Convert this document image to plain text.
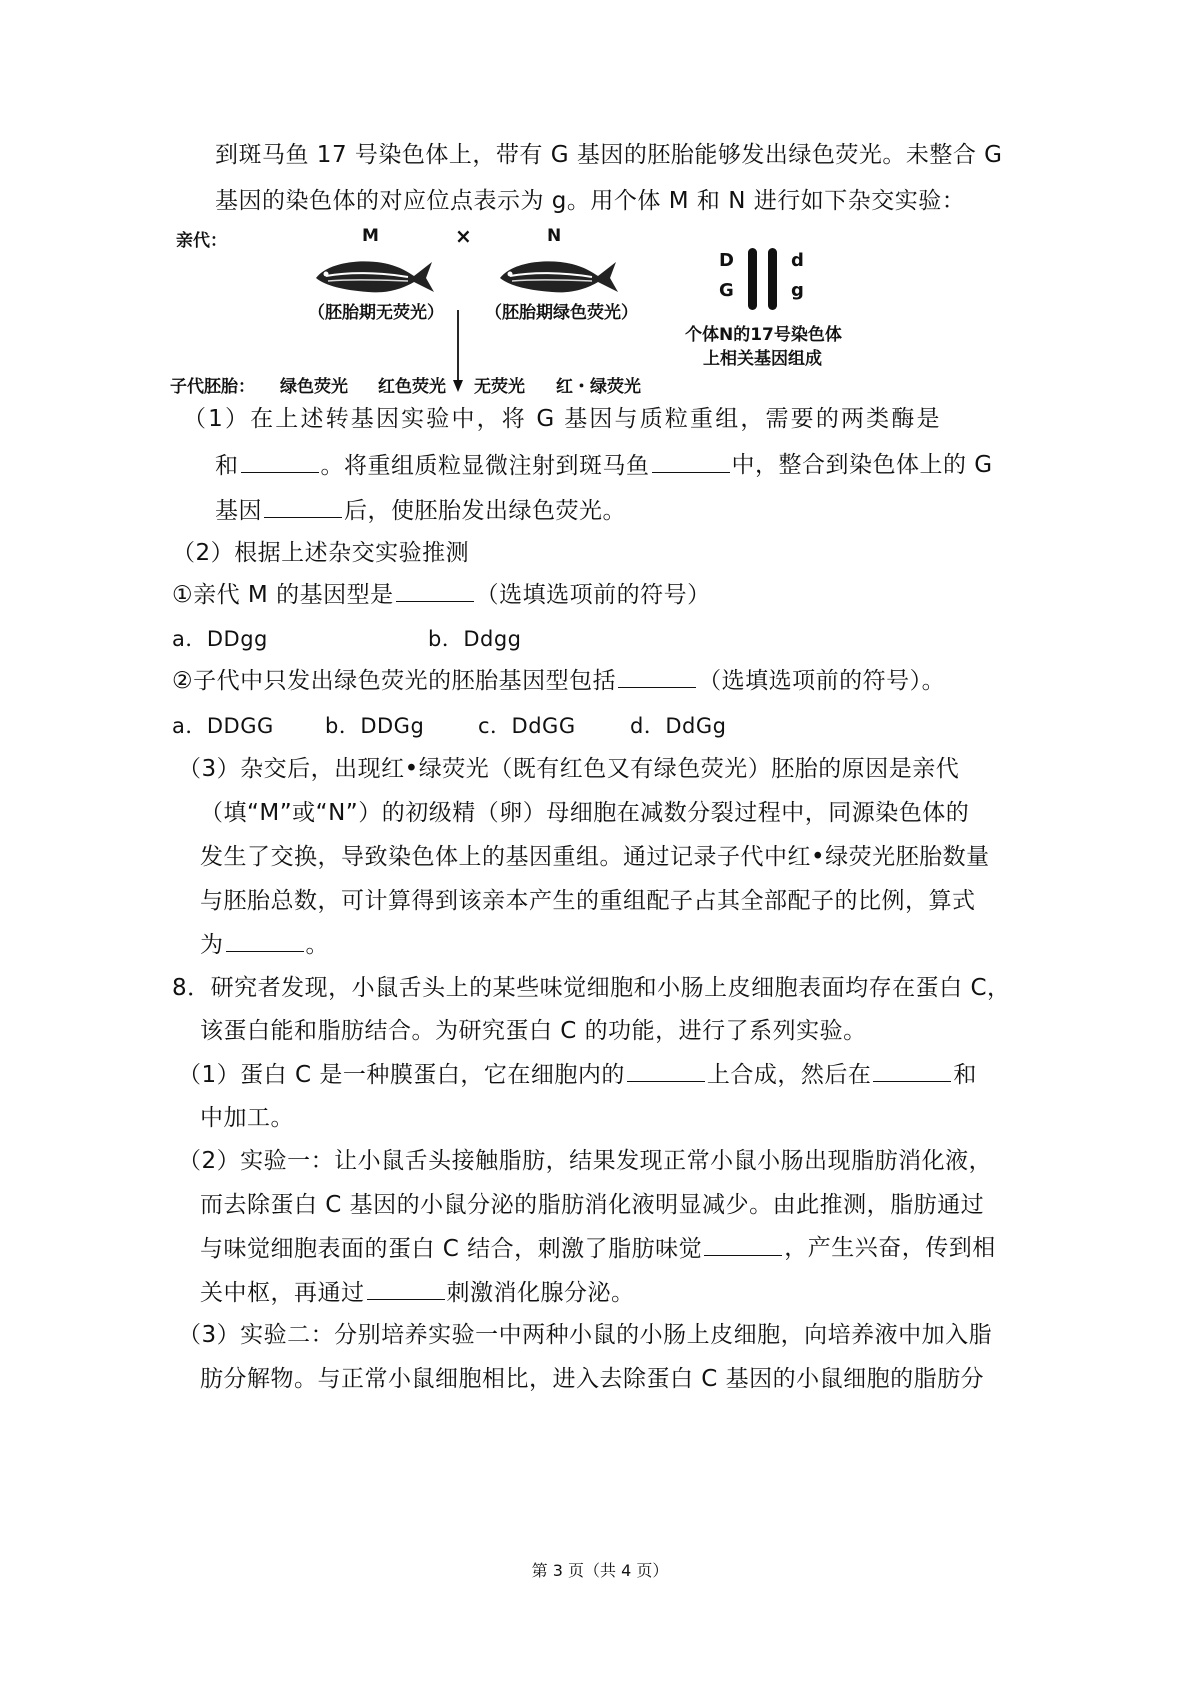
到斑马鱼 17 号染色体上，带有 G 基因的胚胎能够发出绿色荧光。未整合 G
基因的染色体的对应位点表示为 g。用个体 M 和 N 进行如下杂交实验：
亲代：	M	×	N
（胚胎期无荧光） （胚胎期绿色荧光）
D
G
d
g
个体N的17号染色体
上相关基因组成
子代胚胎： 绿色荧光 红色荧光 无荧光 红・绿荧光
（1）在上述转基因实验中，将 G 基因与质粒重组，需要的两类酶是
和	。将重组质粒显微注射到斑马鱼	中，整合到染色体上的 G
基因	后，使胚胎发出绿色荧光。
（2）根据上述杂交实验推测
①亲代 M 的基因型是	（选填选项前的符号）
a．DDgg	b．Ddgg
②子代中只发出绿色荧光的胚胎基因型包括	（选填选项前的符号）。
a．DDGG b．DDGg	c．DdGG	d．DdGg
（3）杂交后，出现红•绿荧光（既有红色又有绿色荧光）胚胎的原因是亲代
（填“M”或“N”）的初级精（卵）母细胞在减数分裂过程中，同源染色体的
发生了交换，导致染色体上的基因重组。通过记录子代中红•绿荧光胚胎数量
与胚胎总数，可计算得到该亲本产生的重组配子占其全部配子的比例，算式
为	。
8．研究者发现，小鼠舌头上的某些味觉细胞和小肠上皮细胞表面均存在蛋白 C，
该蛋白能和脂肪结合。为研究蛋白 C 的功能，进行了系列实验。
（1）蛋白 C 是一种膜蛋白，它在细胞内的	上合成，然后在	和
中加工。
（2）实验一：让小鼠舌头接触脂肪，结果发现正常小鼠小肠出现脂肪消化液，
而去除蛋白 C 基因的小鼠分泌的脂肪消化液明显减少。由此推测，脂肪通过
与味觉细胞表面的蛋白 C 结合，刺激了脂肪味觉	，产生兴奋，传到相
关中枢，再通过	刺激消化腺分泌。
（3）实验二：分别培养实验一中两种小鼠的小肠上皮细胞，向培养液中加入脂
肪分解物。与正常小鼠细胞相比，进入去除蛋白 C 基因的小鼠细胞的脂肪分
第 3 页（共 4 页）
